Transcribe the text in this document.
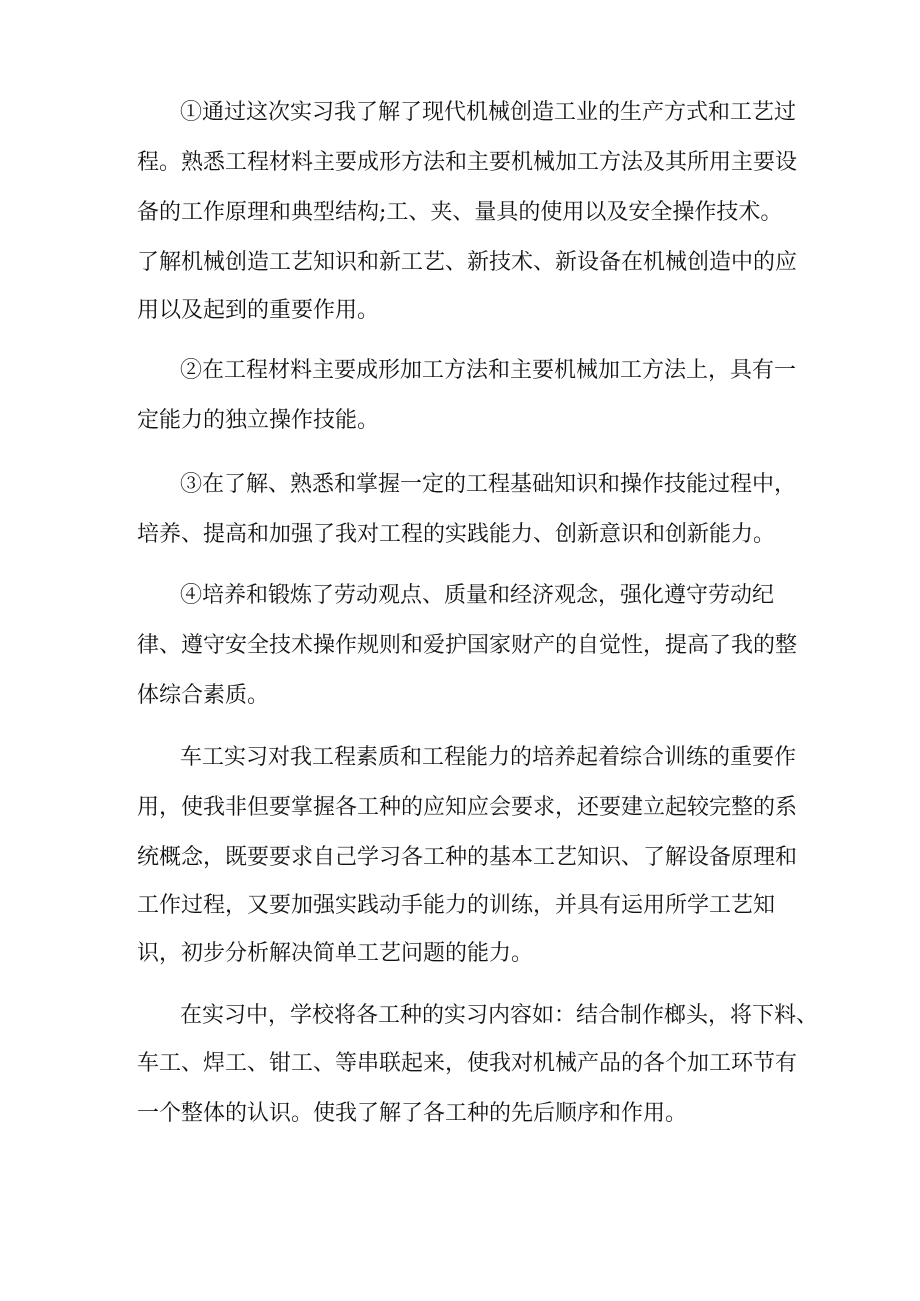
①通过这次实习我了解了现代机械创造工业的生产方式和工艺过
程。熟悉工程材料主要成形方法和主要机械加工方法及其所用主要设
备的工作原理和典型结构;工、夹、量具的使用以及安全操作技术。
了解机械创造工艺知识和新工艺、新技术、新设备在机械创造中的应
用以及起到的重要作用。
②在工程材料主要成形加工方法和主要机械加工方法上，具有一
定能力的独立操作技能。
③在了解、熟悉和掌握一定的工程基础知识和操作技能过程中，
培养、提高和加强了我对工程的实践能力、创新意识和创新能力。
④培养和锻炼了劳动观点、质量和经济观念，强化遵守劳动纪
律、遵守安全技术操作规则和爱护国家财产的自觉性，提高了我的整
体综合素质。
车工实习对我工程素质和工程能力的培养起着综合训练的重要作
用，使我非但要掌握各工种的应知应会要求，还要建立起较完整的系
统概念，既要要求自己学习各工种的基本工艺知识、了解设备原理和
工作过程，又要加强实践动手能力的训练，并具有运用所学工艺知
识，初步分析解决简单工艺问题的能力。
在实习中，学校将各工种的实习内容如：结合制作榔头，将下料、
车工、焊工、钳工、等串联起来，使我对机械产品的各个加工环节有
一个整体的认识。使我了解了各工种的先后顺序和作用。
